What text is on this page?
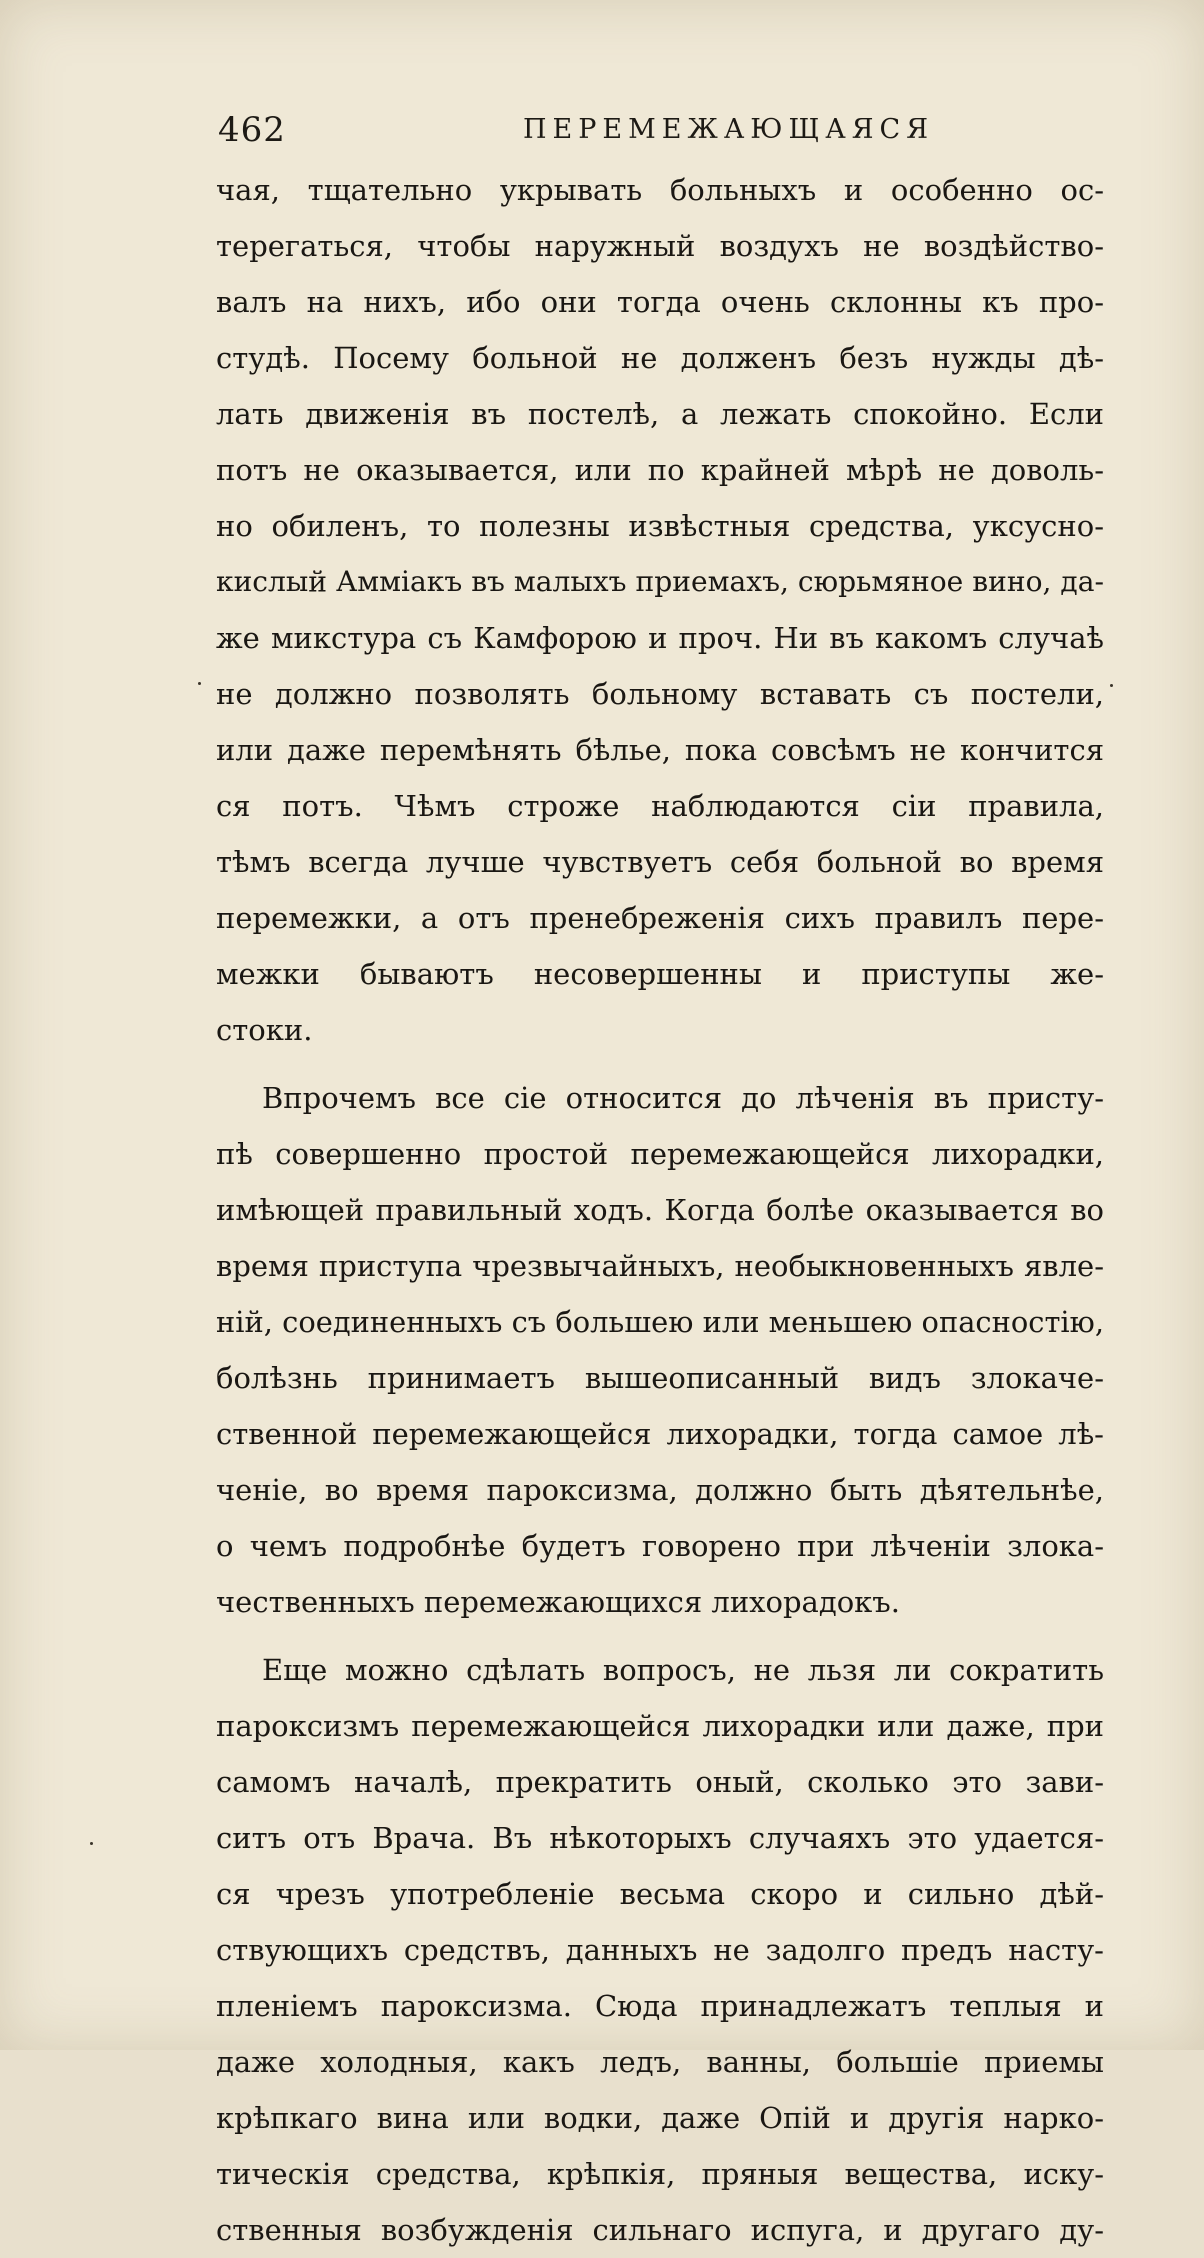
462	ПЕРЕМЕЖАЮЩАЯСЯ
чая, тщательно укрывать больныхъ и особенно ос-
тeрeгаться, чтобы наружный воздухъ не воздѣйство-
валъ на нихъ, ибо они тогда очень склонны къ про-
студѣ. Посему больной не долженъ безъ нужды дѣ-
лать движенія въ постелѣ, а лежать спокойно. Если
потъ не оказывается, или по крайней мѣрѣ не доволь-
но обиленъ, то полезны извѣстныя средства, уксусно-
кислый Амміакъ въ малыхъ приемахъ, сюрьмяное вино, да-
же микстура съ Камфорою и проч. Ни въ какомъ случаѣ
не должно позволять больному вставать съ постели,
или даже перемѣнять бѣлье, пока совсѣмъ не кончится
ся потъ. Чѣмъ строже наблюдаются сіи правила,
тѣмъ всегда лучше чувствуетъ себя больной во время
перемежки, а отъ пренебреженія сихъ правилъ пере-
межки бываютъ несовершенны и приступы же-
стоки.
Впрочемъ все сіе относится до лѣченія въ присту-
пѣ совершенно простой перемежающейся лихорадки,
имѣющей правильный ходъ. Когда болѣе оказывается во
время приступа чрезвычайныхъ, необыкновенныхъ явле-
ній, соединенныхъ съ большею или меньшею опасностію,
болѣзнь принимаетъ вышеописанный видъ злокаче-
ственной перемежающейся лихорадки, тогда самое лѣ-
ченіе, во время пароксизма, должно быть дѣятельнѣе,
о чемъ подробнѣе будетъ говорено при лѣченіи злока-
чественныхъ перемежающихся лихорадокъ.
Еще можно сдѣлать вопросъ, не льзя ли сократить
пароксизмъ перемежающейся лихорадки или даже, при
самомъ началѣ, прекратить оный, сколько это зави-
ситъ отъ Врача. Въ нѣкоторыхъ случаяхъ это удается-
ся чрезъ употребленіе весьма скоро и сильно дѣй-
ствующихъ средствъ, данныхъ не задолго предъ насту-
пленіемъ пароксизма. Сюда принадлежатъ теплыя и
даже холодныя, какъ ледъ, ванны, большіе приемы
крѣпкаго вина или водки, даже Опій и другія нарко-
тическія средства, крѣпкія, пряныя вещества, иску-
ственныя возбужденія сильнаго испуга, и другаго ду-
